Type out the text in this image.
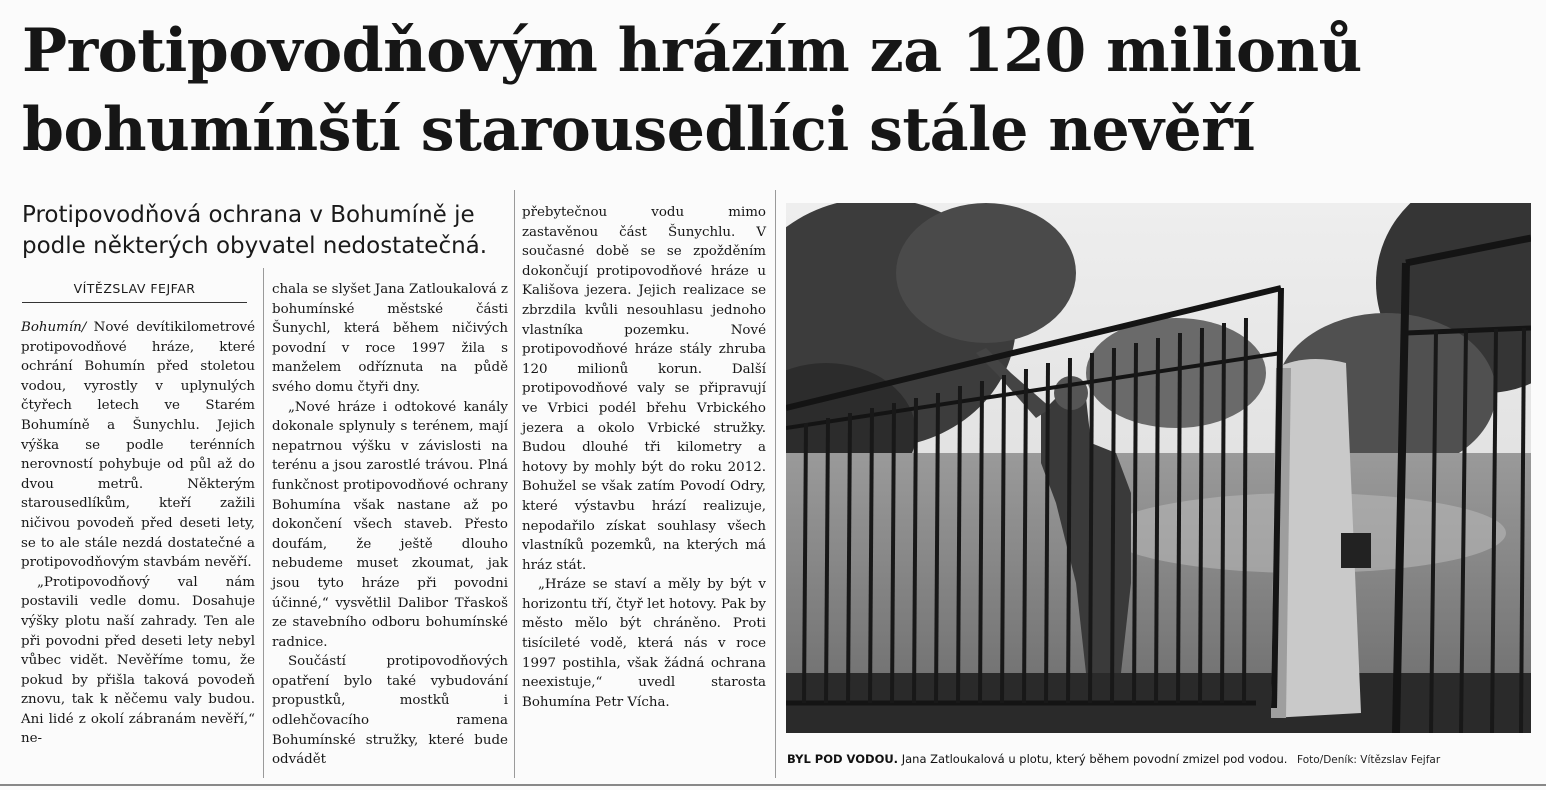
Protipovodňovým hrázím za 120 milionů
bohumínští starousedlíci stále nevěří
Protipovodňová ochrana v Bohumíně je
podle některých obyvatel nedostatečná.
VÍTĚZSLAV FEJFAR

Bohumín/ Nové devítikilometrové protipovodňové hráze, které ochrání Bohumín před stoletou vodou, vyrostly v uplynulých čtyřech letech ve Starém Bohumíně a Šunychlu. Jejich výška se podle terénních nerovností pohybuje od půl až do dvou metrů. Některým starousedlíkům, kteří zažili ničivou povodeň před deseti lety, se to ale stále nezdá dostatečné a protipovodňovým stavbám nevěří.

„Protipovodňový val nám postavili vedle domu. Dosahuje výšky plotu naší zahrady. Ten ale při povodni před deseti lety nebyl vůbec vidět. Nevěříme tomu, že pokud by přišla taková povodeň znovu, tak k něčemu valy budou. Ani lidé z okolí zábranám nevěří,“ ne-

chala se slyšet Jana Zatloukalová z bohumínské městské části Šunychl, která během ničivých povodní v roce 1997 žila s manželem odříznuta na půdě svého domu čtyři dny.

„Nové hráze i odtokové kanály dokonale splynuly s terénem, mají nepatrnou výšku v závislosti na terénu a jsou zarostlé trávou. Plná funkčnost protipovodňové ochrany Bohumína však nastane až po dokončení všech staveb. Přesto doufám, že ještě dlouho nebudeme muset zkoumat, jak jsou tyto hráze při povodni účinné,“ vysvětlil Dalibor Třaskoš ze stavebního odboru bohumínské radnice.

Součástí protipovodňových opatření bylo také vybudování propustků, mostků i odlehčovacího ramena Bohumínské stružky, které bude odvádět

přebytečnou vodu mimo zastavěnou část Šunychlu. V současné době se se zpožděním dokončují protipovodňové hráze u Kališova jezera. Jejich realizace se zbrzdila kvůli nesouhlasu jednoho vlastníka pozemku. Nové protipovodňové hráze stály zhruba 120 milionů korun. Další protipovodňové valy se připravují ve Vrbici podél břehu Vrbického jezera a okolo Vrbické stružky. Budou dlouhé tři kilometry a hotovy by mohly být do roku 2012. Bohužel se však zatím Povodí Odry, které výstavbu hrází realizuje, nepodařilo získat souhlasy všech vlastníků pozemků, na kterých má hráz stát.

„Hráze se staví a měly by být v horizontu tří, čtyř let hotovy. Pak by město mělo být chráněno. Proti tisícileté vodě, která nás v roce 1997 postihla, však žádná ochrana neexistuje,“ uvedl starosta Bohumína Petr Vícha.

BYL POD VODOU. Jana Zatloukalová u plotu, který během povodní zmizel pod vodou. Foto/Deník: Vítězslav Fejfar
